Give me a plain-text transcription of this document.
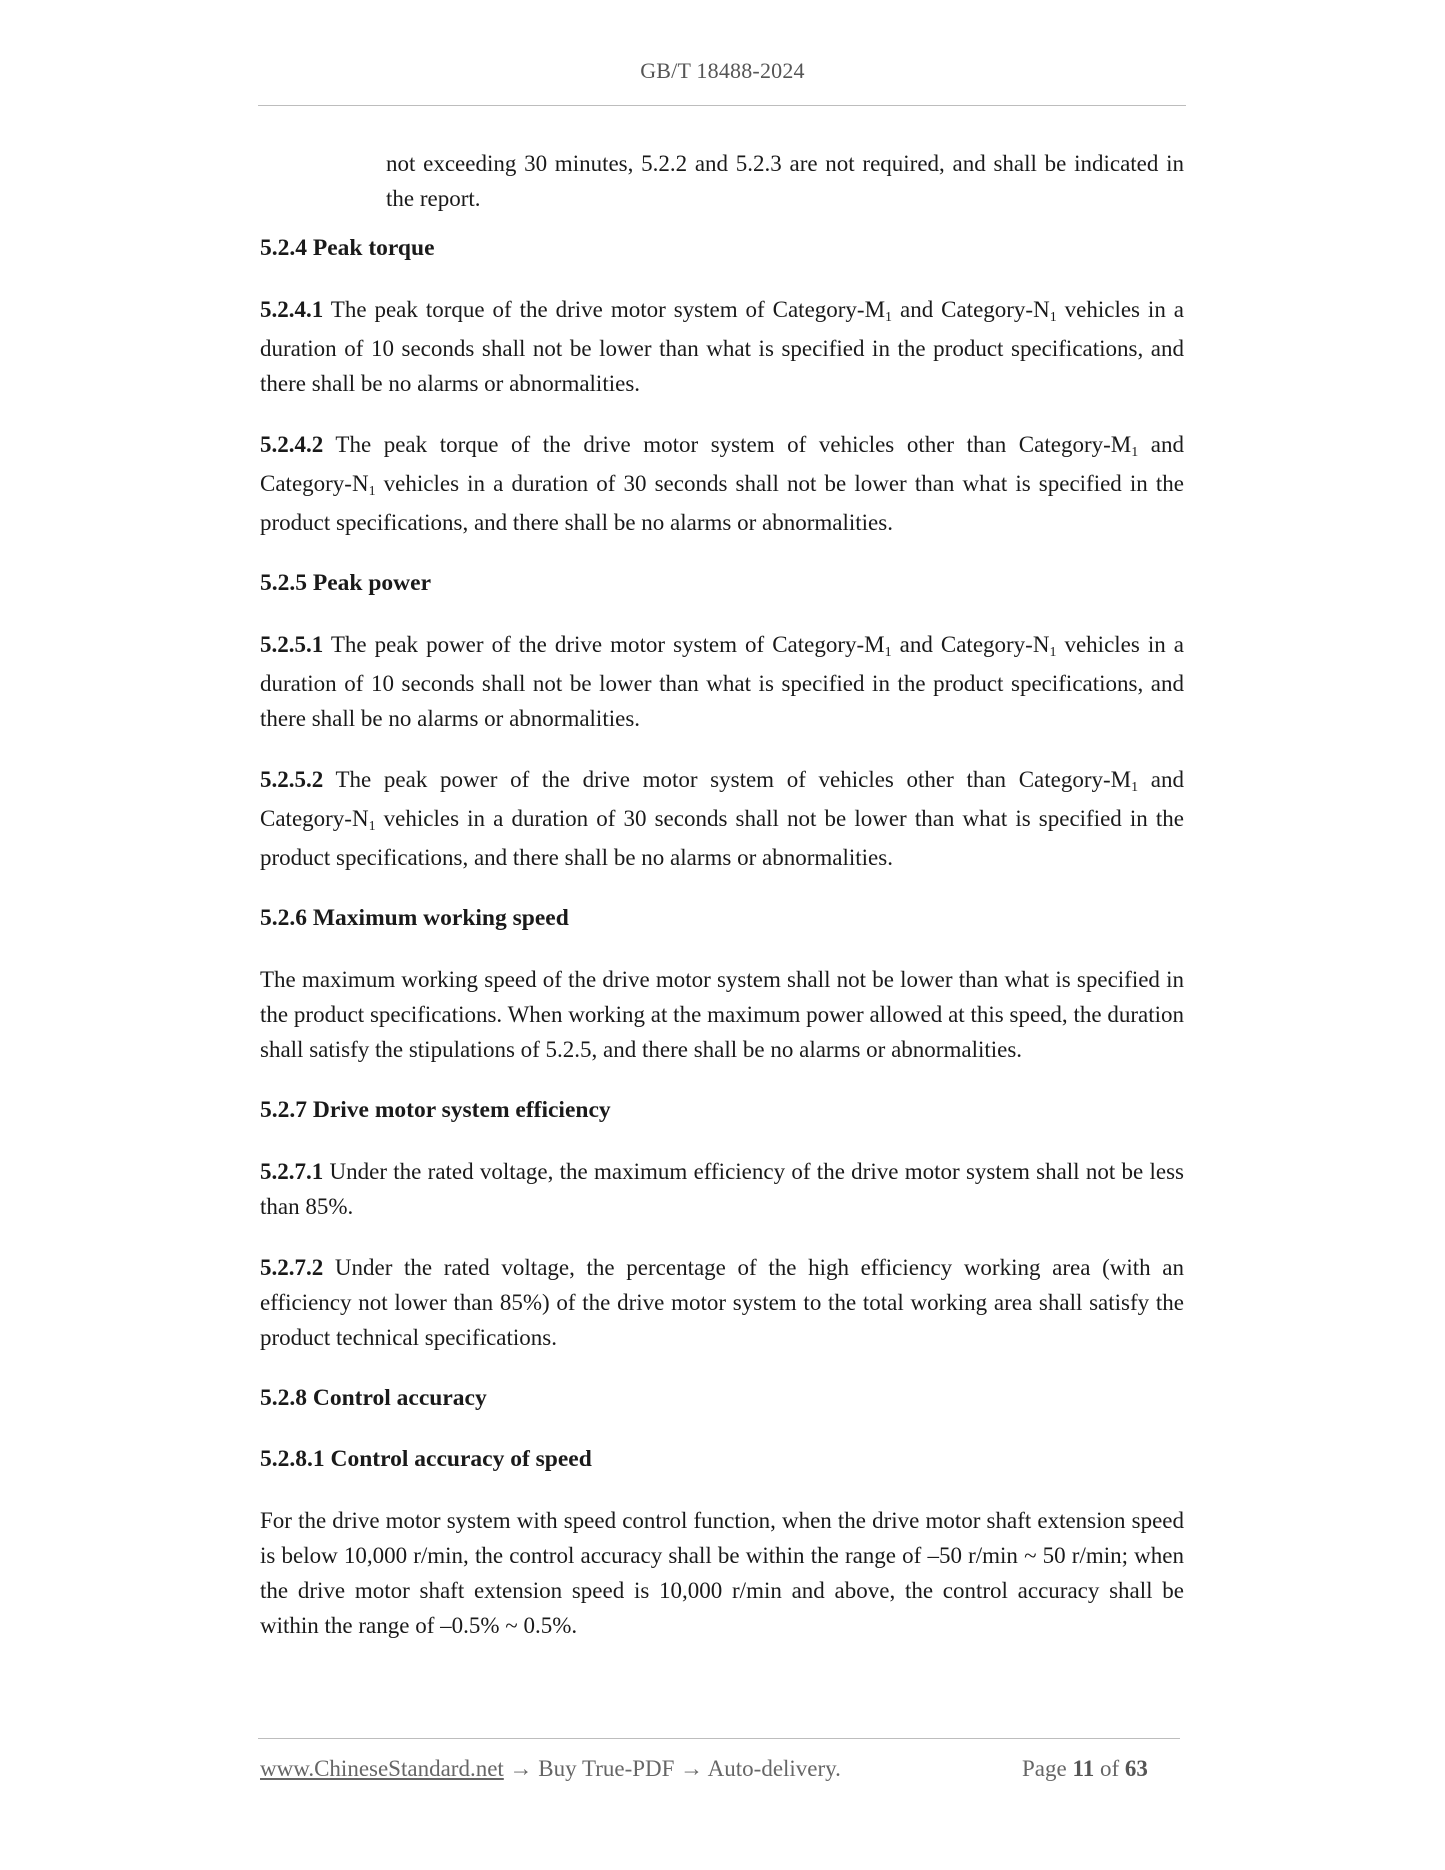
GB/T 18488-2024

not exceeding 30 minutes, 5.2.2 and 5.2.3 are not required, and shall be indicated in the report.

5.2.4 Peak torque

5.2.4.1 The peak torque of the drive motor system of Category-$M_1$ and Category-$N_1$ vehicles in a duration of 10 seconds shall not be lower than what is specified in the product specifications, and there shall be no alarms or abnormalities.

5.2.4.2 The peak torque of the drive motor system of vehicles other than Category-$M_1$ and Category-$N_1$ vehicles in a duration of 30 seconds shall not be lower than what is specified in the product specifications, and there shall be no alarms or abnormalities.

5.2.5 Peak power

5.2.5.1 The peak power of the drive motor system of Category-$M_1$ and Category-$N_1$ vehicles in a duration of 10 seconds shall not be lower than what is specified in the product specifications, and there shall be no alarms or abnormalities.

5.2.5.2 The peak power of the drive motor system of vehicles other than Category-$M_1$ and Category-$N_1$ vehicles in a duration of 30 seconds shall not be lower than what is specified in the product specifications, and there shall be no alarms or abnormalities.

5.2.6 Maximum working speed

The maximum working speed of the drive motor system shall not be lower than what is specified in the product specifications. When working at the maximum power allowed at this speed, the duration shall satisfy the stipulations of 5.2.5, and there shall be no alarms or abnormalities.

5.2.7 Drive motor system efficiency

5.2.7.1 Under the rated voltage, the maximum efficiency of the drive motor system shall not be less than 85%.

5.2.7.2 Under the rated voltage, the percentage of the high efficiency working area (with an efficiency not lower than 85%) of the drive motor system to the total working area shall satisfy the product technical specifications.

5.2.8 Control accuracy

5.2.8.1 Control accuracy of speed

For the drive motor system with speed control function, when the drive motor shaft extension speed is below 10,000 r/min, the control accuracy shall be within the range of –50 r/min ~ 50 r/min; when the drive motor shaft extension speed is 10,000 r/min and above, the control accuracy shall be within the range of –0.5% ~ 0.5%.

www.ChineseStandard.net → Buy True-PDF → Auto-delivery.	Page 11 of 63
